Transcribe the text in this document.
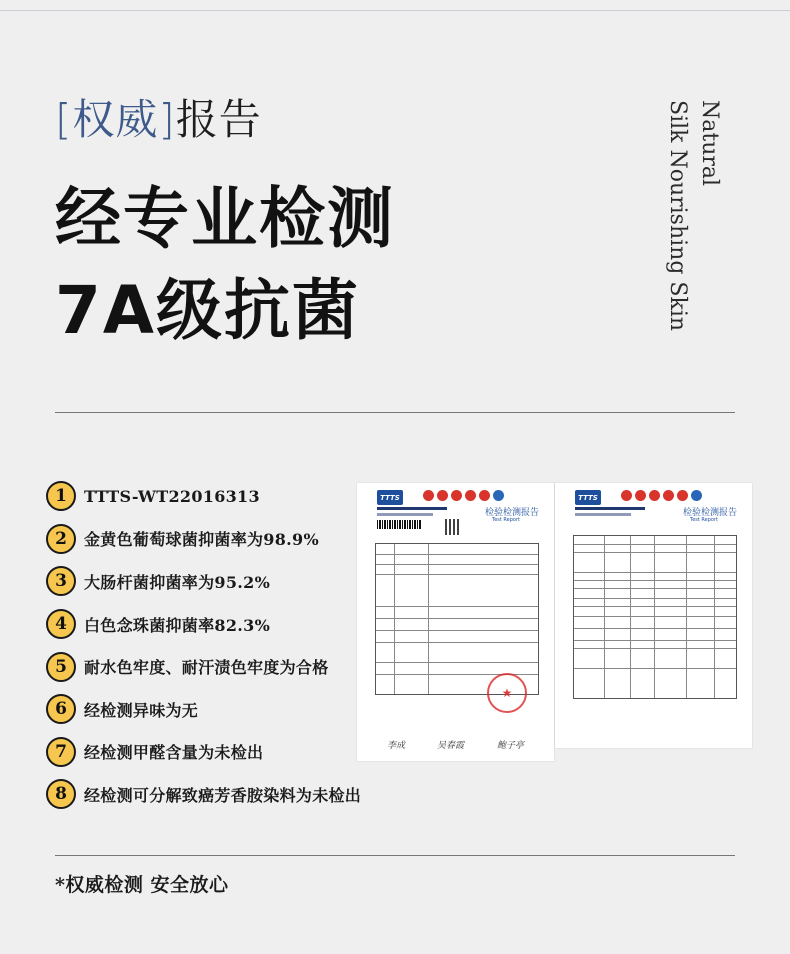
[权威]报告
经专业检测
7A级抗菌
Natural
Silk Nourishing Skin
1	TTTS-WT22016313
2	金黄色葡萄球菌抑菌率为98.9%
3	大肠杆菌抑菌率为95.2%
4	白色念珠菌抑菌率82.3%
5	耐水色牢度、耐汗渍色牢度为合格
6	经检测异味为无
7	经检测甲醛含量为未检出
8	经检测可分解致癌芳香胺染料为未检出
TTTS
检验检测报告
Test Report
★
李成	吴春霞	鲍子亭
TTTS
检验检测报告
Test Report
*权威检测 安全放心
